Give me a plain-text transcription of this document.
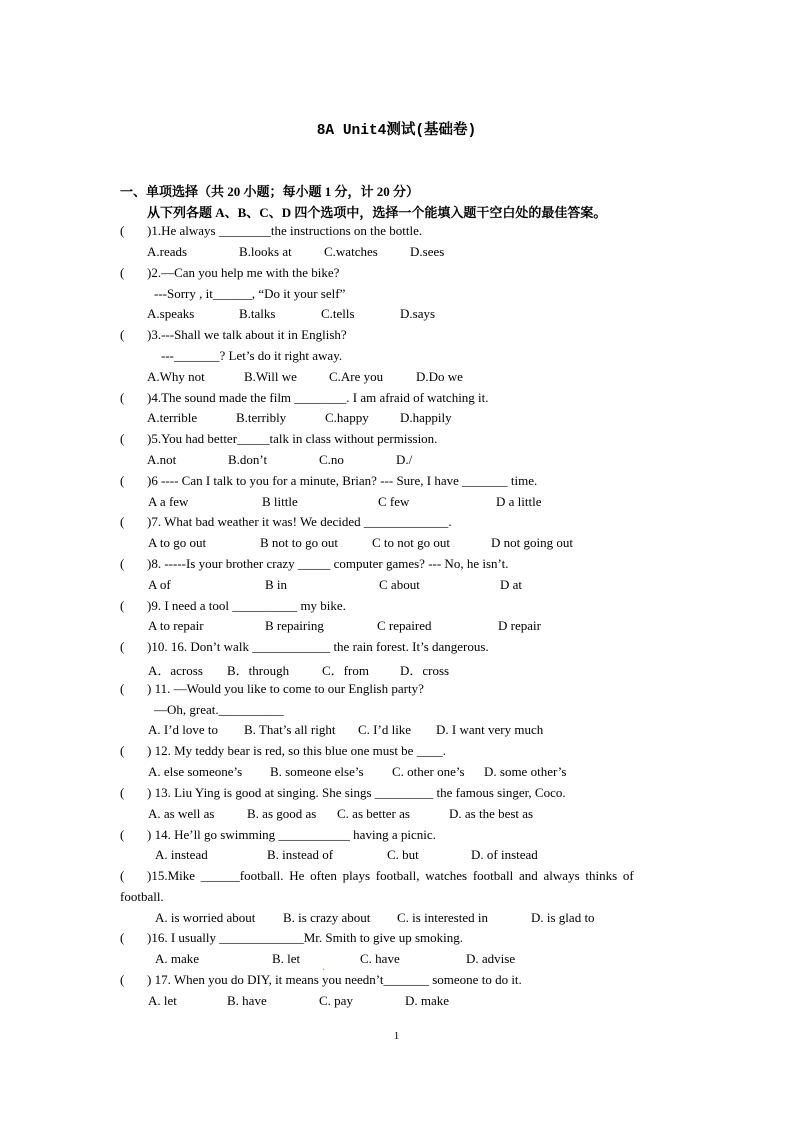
8A Unit4测试(基础卷)
一、单项选择（共 20 小题；每小题 1 分，计 20 分）
从下列各题 A、B、C、D 四个选项中，选择一个能填入题干空白处的最佳答案。
( )1.He always ________the instructions on the bottle.
A.reads	B.looks at C.watches D.sees
( )2.—Can you help me with the bike?
---Sorry , it______, “Do it your self”
A.speaks	B.talks	C.tells	D.says
( )3.---Shall we talk about it in English?
---_______? Let’s do it right away.
A.Why not	B.Will we C.Are you	D.Do we
( )4.The sound made the film ________. I am afraid of watching it.
A.terrible	B.terribly	C.happy D.happily
( )5.You had better_____talk in class without permission.
A.not	B.don’t	C.no	D./
( )6 ---- Can I talk to you for a minute, Brian? --- Sure, I have _______ time.
A a few	B little	C few	D a little
( )7. What bad weather it was! We decided _____________.
A to go out	B not to go out	C to not go out	D not going out
( )8. -----Is your brother crazy _____ computer games? --- No, he isn’t.
A of	B in	C about	D at
( )9. I need a tool __________ my bike.
A to repair	B repairing	C repaired	D repair
( )10. 16. Don’t walk ____________ the rain forest. It’s dangerous.
A．across B．through	C．from D．cross
( ) 11. —Would you like to come to our English party?
—Oh, great.__________
A. I’d love to B. That’s all right C. I’d like D. I want very much
( ) 12. My teddy bear is red, so this blue one must be ____.
A. else someone’s B. someone else’s C. other one’s D. some other’s
( ) 13. Liu Ying is good at singing. She sings _________ the famous singer, Coco.
A. as well as	B. as good as C. as better as	D. as the best as
( ) 14. He’ll go swimming ___________ having a picnic.
A. instead	B. instead of	C. but	D. of instead
( )15.Mike ______football. He often plays football, watches football and always thinks of
football.
A. is worried about B. is crazy about C. is interested in	D. is glad to
( )16. I usually _____________Mr. Smith to give up smoking.
A. make	B. let	C. have	D. advise
.
( ) 17. When you do DIY, it means you needn’t_______ someone to do it.
A. let	B. have	C. pay	D. make
1
